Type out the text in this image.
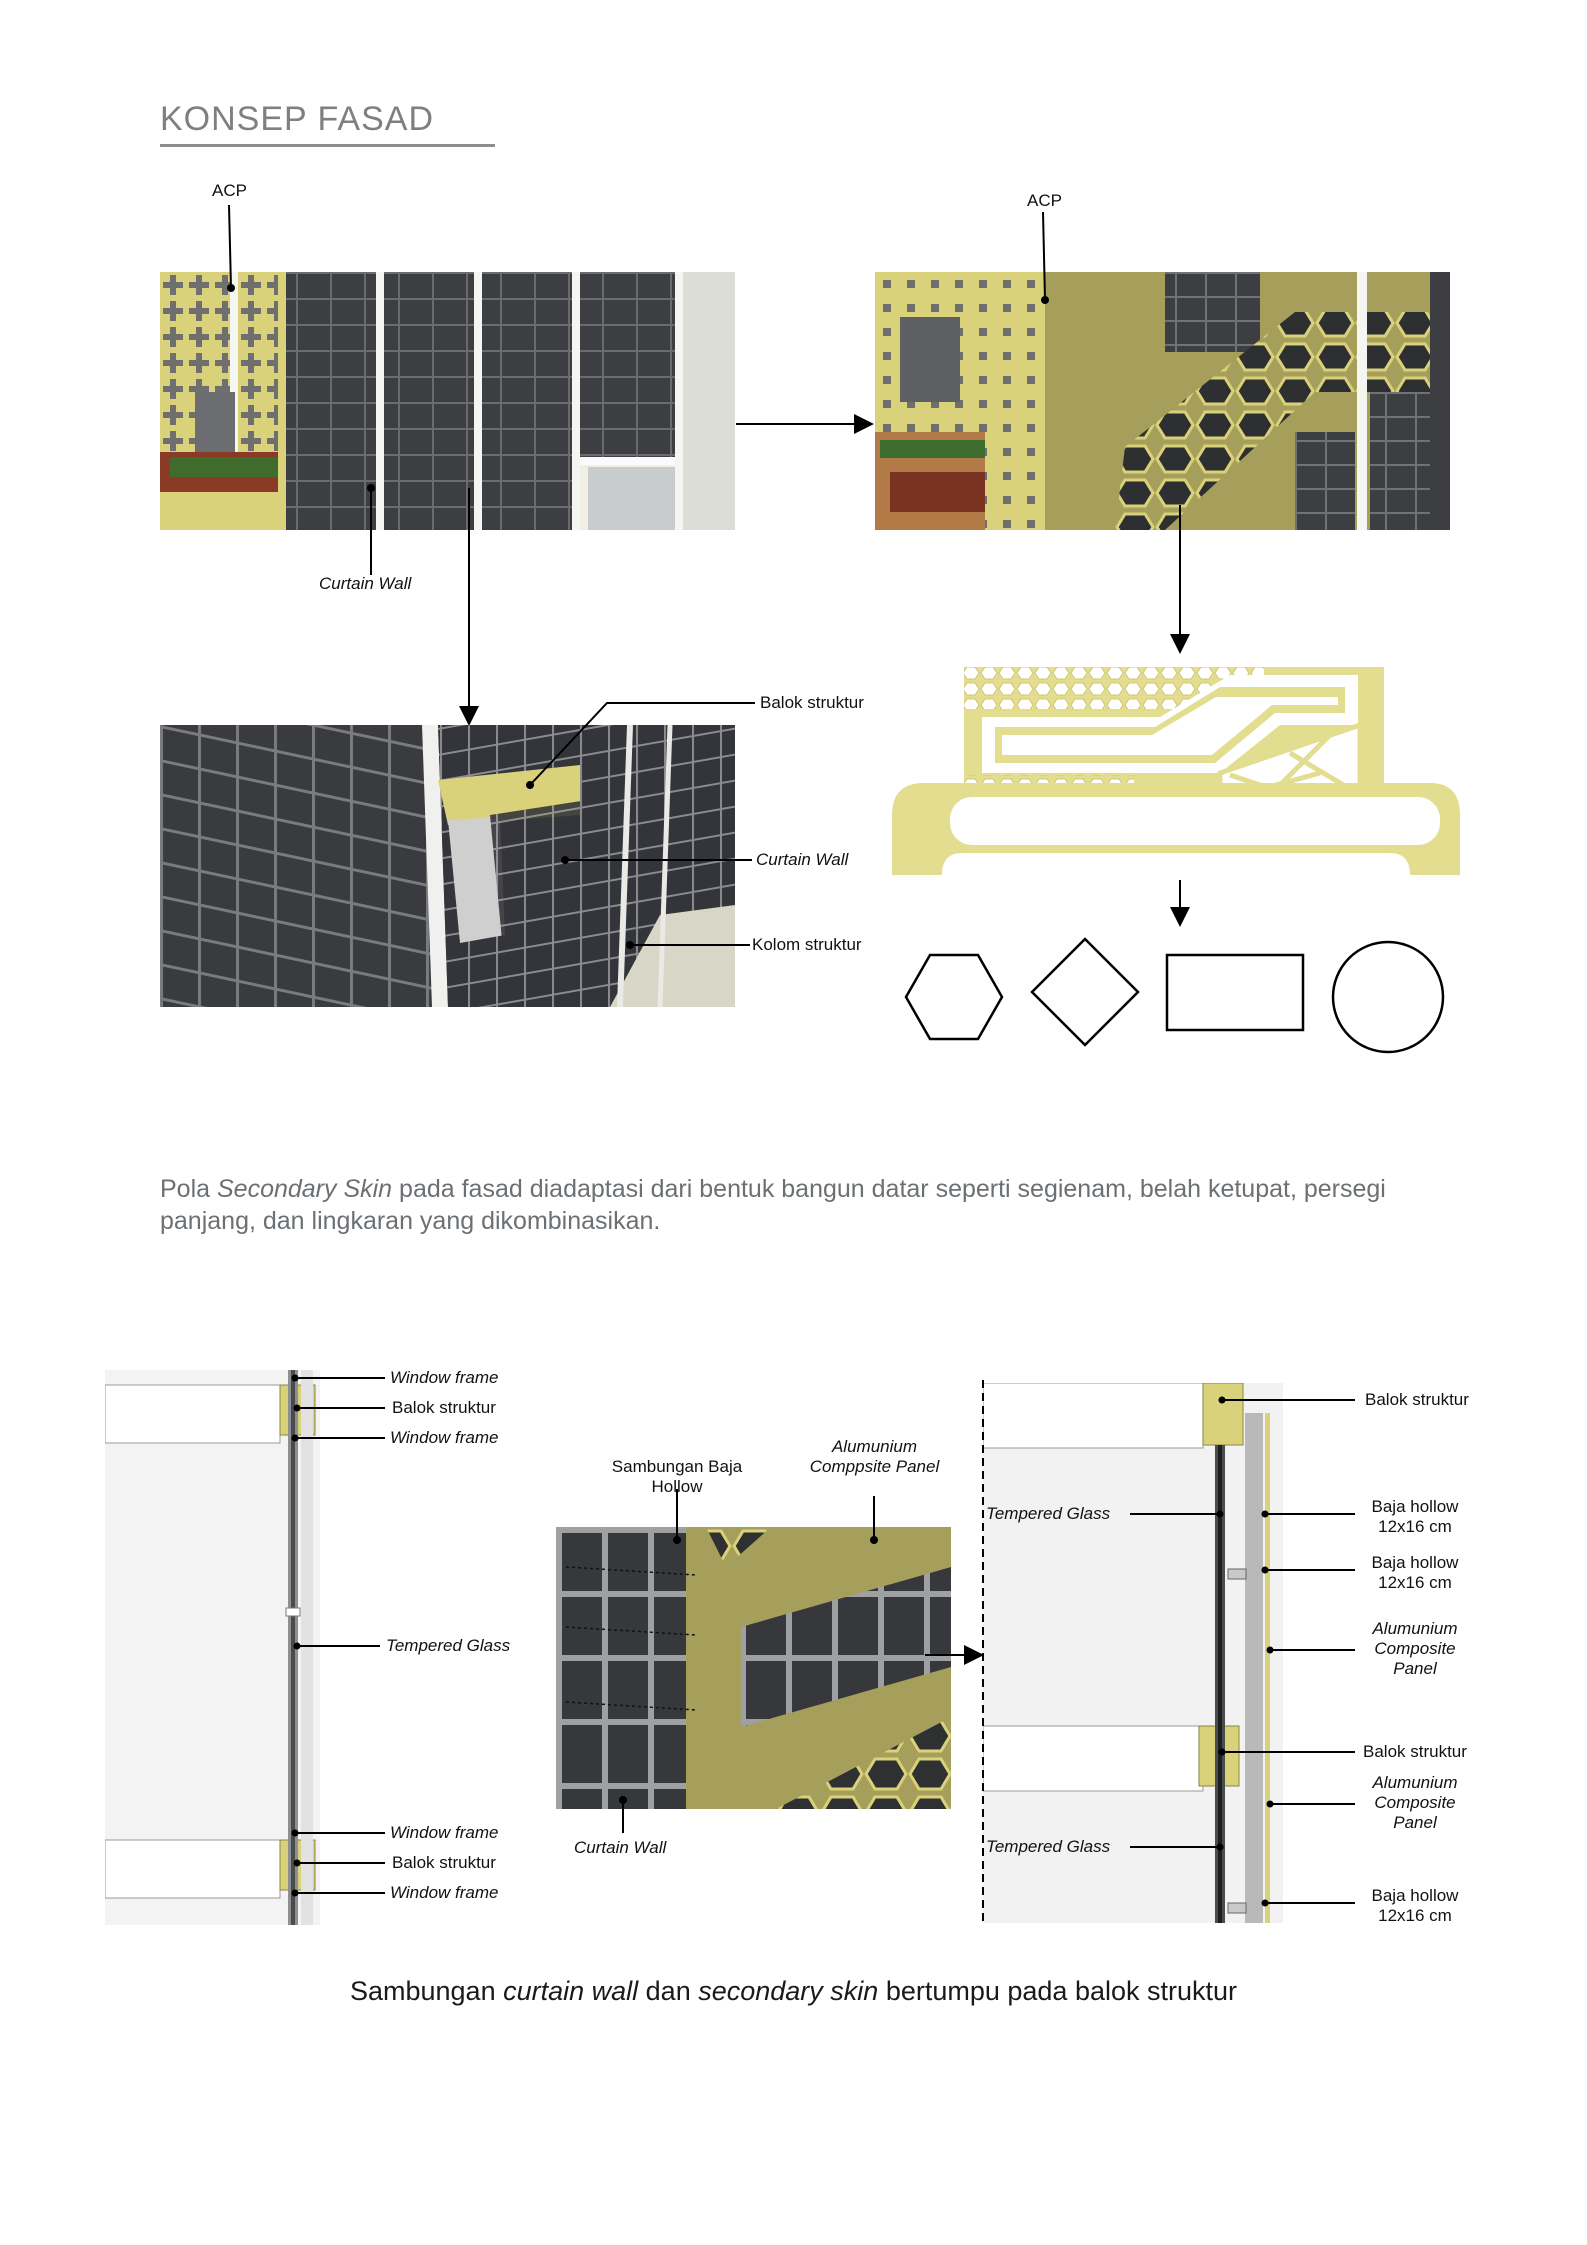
KONSEP FASAD
ACP
ACP
Curtain Wall
Balok struktur
Curtain Wall
Kolom struktur
Pola Secondary Skin pada fasad diadaptasi dari bentuk bangun datar seperti segienam, belah ketupat, persegi panjang, dan lingkaran yang dikombinasikan.
Window frame
Balok struktur
Window frame
Tempered Glass
Window frame
Balok struktur
Window frame
Sambungan Baja Hollow
Alumunium Comppsite Panel
Curtain Wall
Balok struktur
Tempered Glass	Baja hollow 12x16 cm
Baja hollow 12x16 cm
Alumunium Composite Panel
Balok struktur
Alumunium Composite Panel
Tempered Glass
Baja hollow 12x16 cm
Sambungan curtain wall dan secondary skin bertumpu pada balok struktur
